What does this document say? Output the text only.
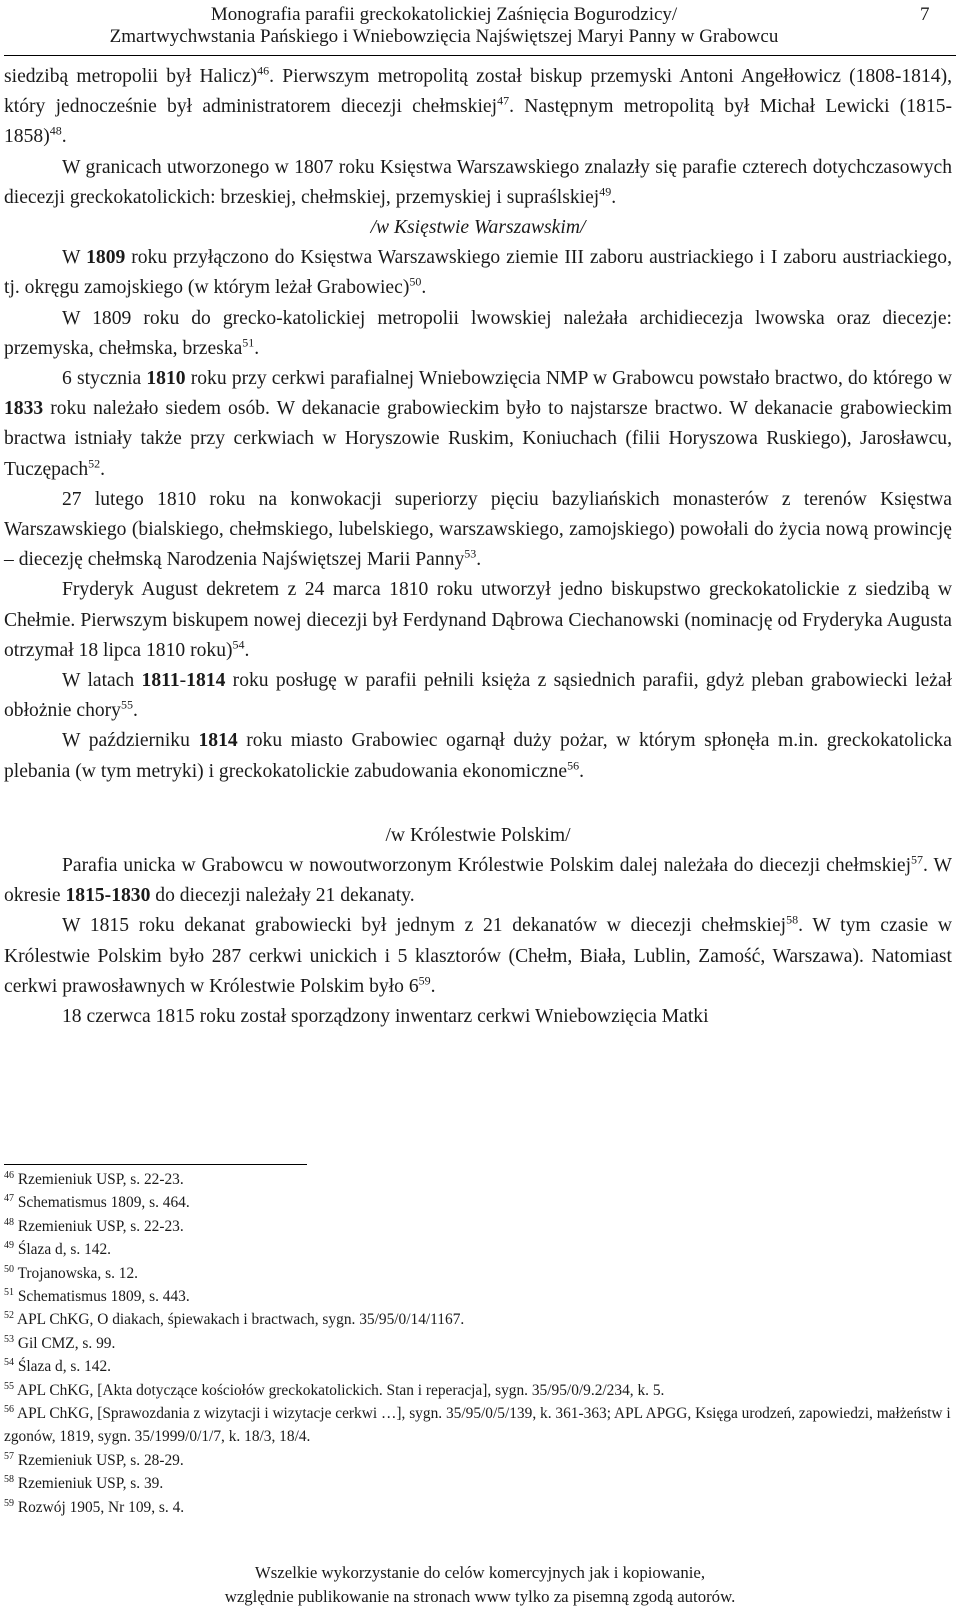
Monografia parafii greckokatolickiej Zaśnięcia Bogurodzicy/
Zmartwychwstania Pańskiego i Wniebowzięcia Najświętszej Maryi Panny w Grabowcu
7

siedzibą metropolii był Halicz)$^{46}$. Pierwszym metropolitą został biskup przemyski Antoni Angełłowicz (1808-1814), który jednocześnie był administratorem diecezji chełmskiej$^{47}$. Następnym metropolitą był Michał Lewicki (1815-1858)$^{48}$.

W granicach utworzonego w 1807 roku Księstwa Warszawskiego znalazły się parafie czterech dotychczasowych diecezji greckokatolickich: brzeskiej, chełmskiej, przemyskiej i supraślskiej$^{49}$.

/w Księstwie Warszawskim/

W 1809 roku przyłączono do Księstwa Warszawskiego ziemie III zaboru austriackiego i I zaboru austriackiego, tj. okręgu zamojskiego (w którym leżał Grabowiec)$^{50}$.

W 1809 roku do grecko-katolickiej metropolii lwowskiej należała archidiecezja lwowska oraz diecezje: przemyska, chełmska, brzeska$^{51}$.

6 stycznia 1810 roku przy cerkwi parafialnej Wniebowzięcia NMP w Grabowcu powstało bractwo, do którego w 1833 roku należało siedem osób. W dekanacie grabowieckim było to najstarsze bractwo. W dekanacie grabowieckim bractwa istniały także przy cerkwiach w Horyszowie Ruskim, Koniuchach (filii Horyszowa Ruskiego), Jarosławcu, Tuczępach$^{52}$.

27 lutego 1810 roku na konwokacji superiorzy pięciu bazyliańskich monasterów z terenów Księstwa Warszawskiego (bialskiego, chełmskiego, lubelskiego, warszawskiego, zamojskiego) powołali do życia nową prowincję – diecezję chełmską Narodzenia Najświętszej Marii Panny$^{53}$.

Fryderyk August dekretem z 24 marca 1810 roku utworzył jedno biskupstwo greckokatolickie z siedzibą w Chełmie. Pierwszym biskupem nowej diecezji był Ferdynand Dąbrowa Ciechanowski (nominację od Fryderyka Augusta otrzymał 18 lipca 1810 roku)$^{54}$.

W latach 1811-1814 roku posługę w parafii pełnili księża z sąsiednich parafii, gdyż pleban grabowiecki leżał obłożnie chory$^{55}$.

W październiku 1814 roku miasto Grabowiec ogarnął duży pożar, w którym spłonęła m.in. greckokatolicka plebania (w tym metryki) i greckokatolickie zabudowania ekonomiczne$^{56}$.

/w Królestwie Polskim/

Parafia unicka w Grabowcu w nowoutworzonym Królestwie Polskim dalej należała do diecezji chełmskiej$^{57}$. W okresie 1815-1830 do diecezji należały 21 dekanaty.

W 1815 roku dekanat grabowiecki był jednym z 21 dekanatów w diecezji chełmskiej$^{58}$. W tym czasie w Królestwie Polskim było 287 cerkwi unickich i 5 klasztorów (Chełm, Biała, Lublin, Zamość, Warszawa). Natomiast cerkwi prawosławnych w Królestwie Polskim było $6^{59}$.

18 czerwca 1815 roku został sporządzony inwentarz cerkwi Wniebowzięcia Matki

$^{46}$ Rzemieniuk USP, s. 22-23.

$^{47}$ Schematismus 1809, s. 464.

$^{48}$ Rzemieniuk USP, s. 22-23.

$^{49}$ Ślaza d, s. 142.

$^{50}$ Trojanowska, s. 12.

$^{51}$ Schematismus 1809, s. 443.

$^{52}$ APL ChKG, O diakach, śpiewakach i bractwach, sygn. 35/95/0/14/1167.

$^{53}$ Gil CMZ, s. 99.

$^{54}$ Ślaza d, s. 142.

$^{55}$ APL ChKG, [Akta dotyczące kościołów greckokatolickich. Stan i reperacja], sygn. 35/95/0/9.2/234, k. 5.

$^{56}$ APL ChKG, [Sprawozdania z wizytacji i wizytacje cerkwi …], sygn. 35/95/0/5/139, k. 361-363; APL APGG, Księga urodzeń, zapowiedzi, małżeństw i zgonów, 1819, sygn. 35/1999/0/1/7, k. 18/3, 18/4.

$^{57}$ Rzemieniuk USP, s. 28-29.

$^{58}$ Rzemieniuk USP, s. 39.

$^{59}$ Rozwój 1905, Nr 109, s. 4.

Wszelkie wykorzystanie do celów komercyjnych jak i kopiowanie,
względnie publikowanie na stronach www tylko za pisemną zgodą autorów.
